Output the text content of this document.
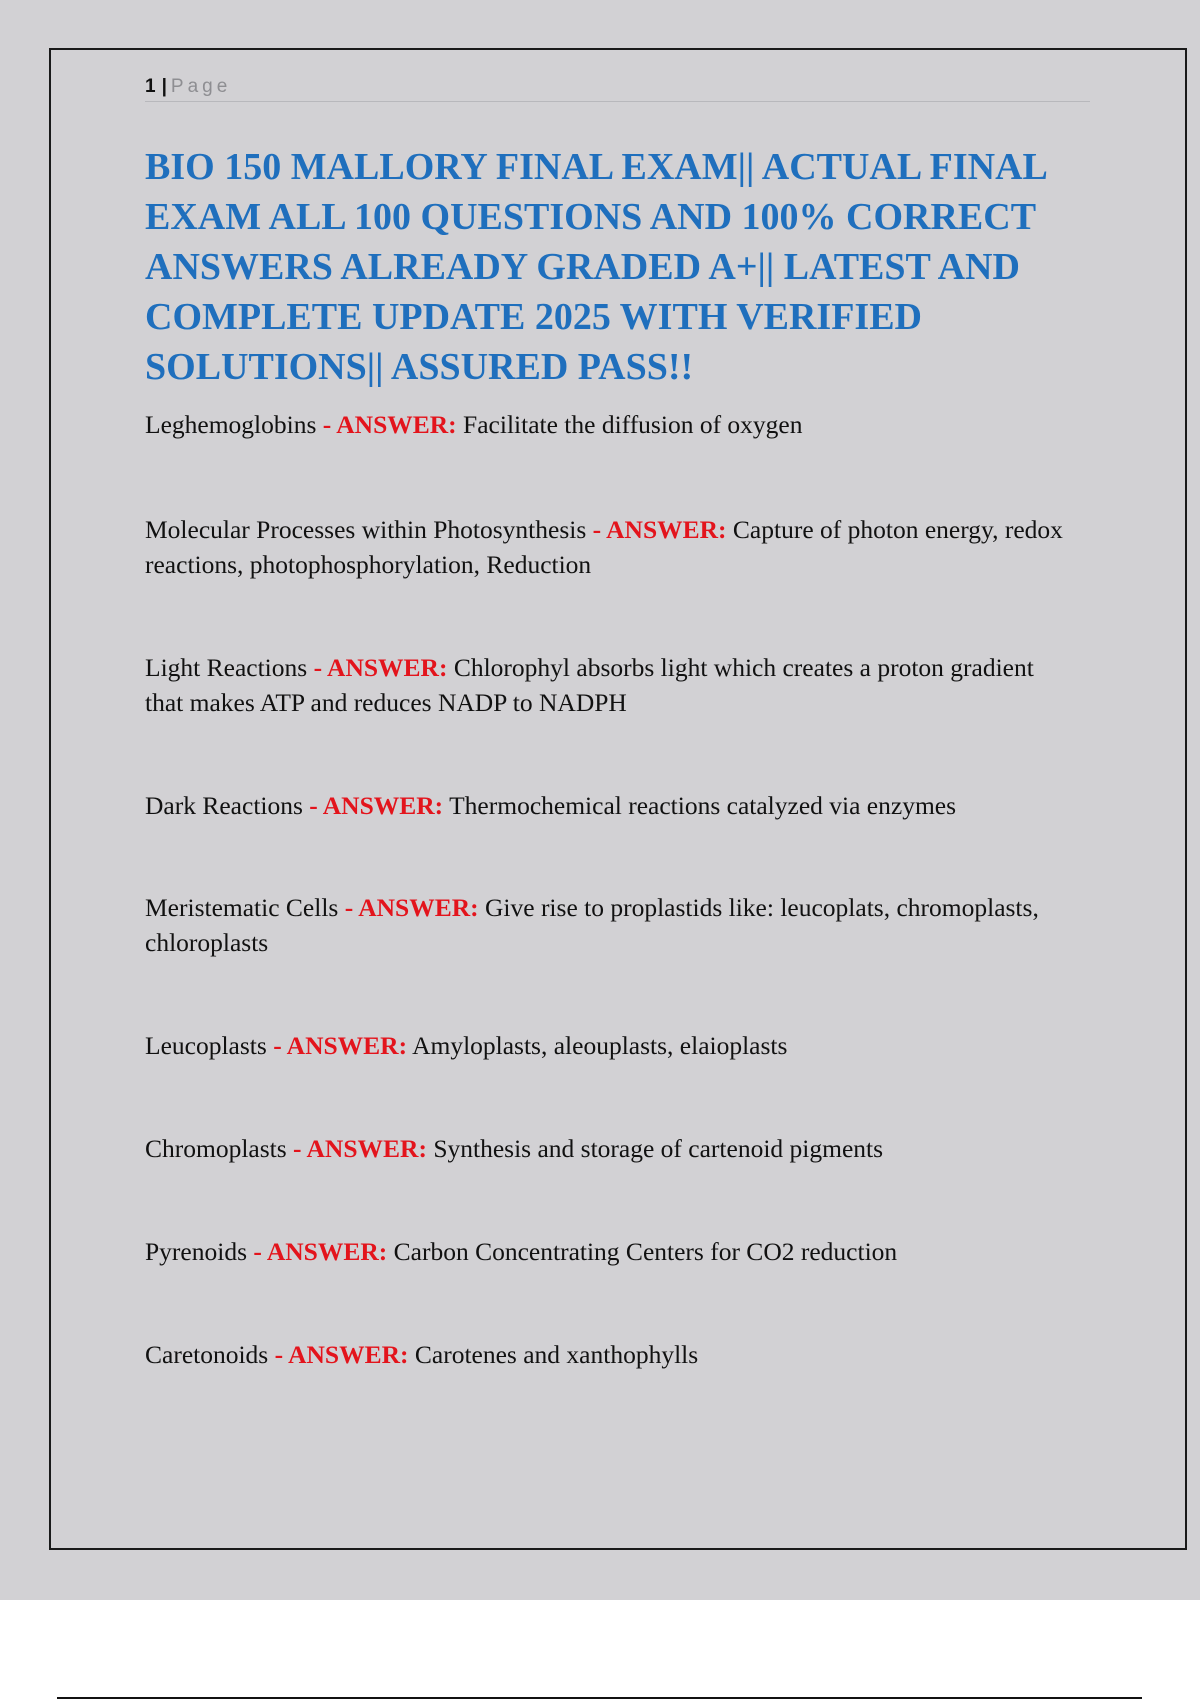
1 | Page
BIO 150 MALLORY FINAL EXAM|| ACTUAL FINAL EXAM ALL 100 QUESTIONS AND 100% CORRECT ANSWERS ALREADY GRADED A+|| LATEST AND COMPLETE UPDATE 2025 WITH VERIFIED SOLUTIONS|| ASSURED PASS!!
Leghemoglobins - ANSWER: Facilitate the diffusion of oxygen
Molecular Processes within Photosynthesis - ANSWER: Capture of photon energy, redox reactions, photophosphorylation, Reduction
Light Reactions - ANSWER: Chlorophyl absorbs light which creates a proton gradient that makes ATP and reduces NADP to NADPH
Dark Reactions - ANSWER: Thermochemical reactions catalyzed via enzymes
Meristematic Cells - ANSWER: Give rise to proplastids like: leucoplats, chromoplasts, chloroplasts
Leucoplasts - ANSWER: Amyloplasts, aleouplasts, elaioplasts
Chromoplasts - ANSWER: Synthesis and storage of cartenoid pigments
Pyrenoids - ANSWER: Carbon Concentrating Centers for CO2 reduction
Caretonoids - ANSWER: Carotenes and xanthophylls
